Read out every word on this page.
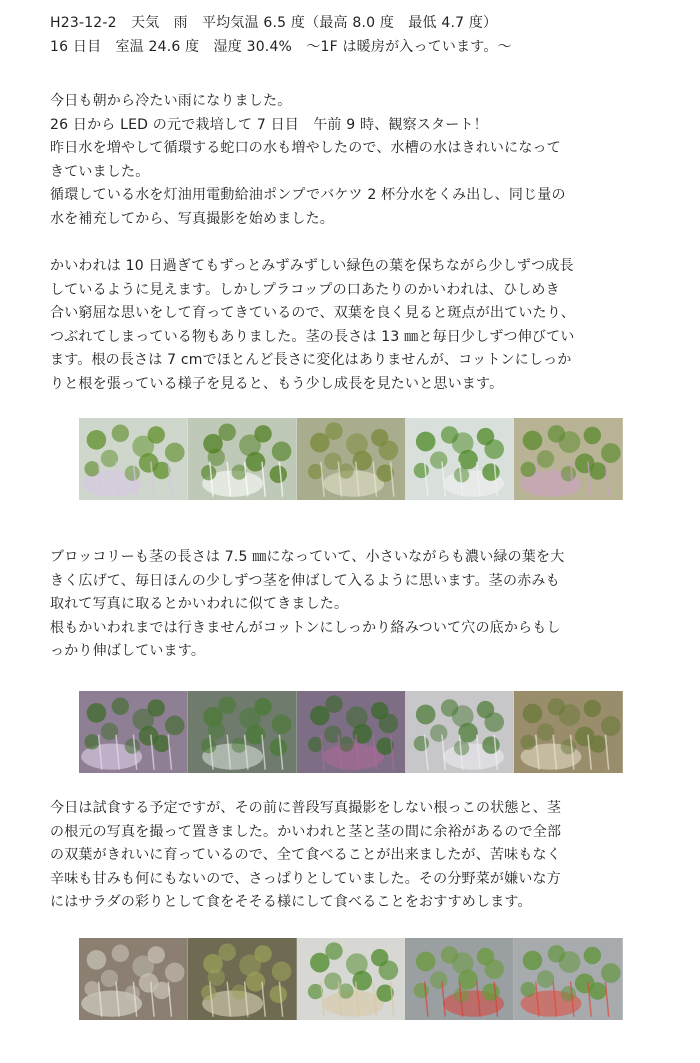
H23-12-2　天気　雨　平均気温 6.5 度（最高 8.0 度　最低 4.7 度）
16 日目　室温 24.6 度　湿度 30.4%　～1F は暖房が入っています。～

今日も朝から冷たい雨になりました。
26 日から LED の元で栽培して 7 日目　午前 9 時、観察スタート！
昨日水を増やして循環する蛇口の水も増やしたので、水槽の水はきれいになって
きていました。
循環している水を灯油用電動給油ポンプでバケツ 2 杯分水をくみ出し、同じ量の
水を補充してから、写真撮影を始めました。

かいわれは 10 日過ぎてもずっとみずみずしい緑色の葉を保ちながら少しずつ成長
しているように見えます。しかしプラコップの口あたりのかいわれは、ひしめき
合い窮屈な思いをして育ってきているので、双葉を良く見ると斑点が出ていたり、
つぶれてしまっている物もありました。茎の長さは 13 ㎜と毎日少しずつ伸びてい
ます。根の長さは 7 cmでほとんど長さに変化はありませんが、コットンにしっか
りと根を張っている様子を見ると、もう少し成長を見たいと思います。

ブロッコリーも茎の長さは 7.5 ㎜になっていて、小さいながらも濃い緑の葉を大
きく広げて、毎日ほんの少しずつ茎を伸ばして入るように思います。茎の赤みも
取れて写真に取るとかいわれに似てきました。
根もかいわれまでは行きませんがコットンにしっかり絡みついて穴の底からもし
っかり伸ばしています。

今日は試食する予定ですが、その前に普段写真撮影をしない根っこの状態と、茎
の根元の写真を撮って置きました。かいわれと茎と茎の間に余裕があるので全部
の双葉がきれいに育っているので、全て食べることが出来ましたが、苦味もなく
辛味も甘みも何にもないので、さっぱりとしていました。その分野菜が嫌いな方
にはサラダの彩りとして食をそそる様にして食べることをおすすめします。
